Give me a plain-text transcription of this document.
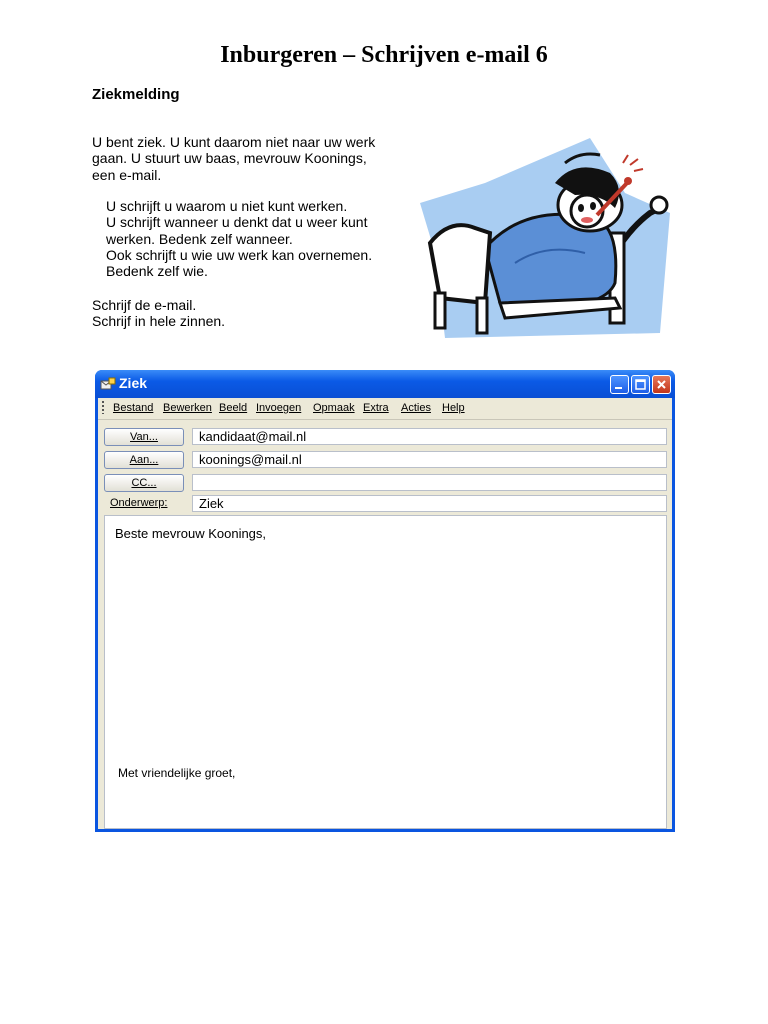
Inburgeren – Schrijven e-mail 6
Ziekmelding
U bent ziek. U kunt daarom niet naar uw werk
gaan. U stuurt uw baas, mevrouw Koonings,
een e-mail.
U schrijft u waarom u niet kunt werken.
U schrijft wanneer u denkt dat u weer kunt
werken. Bedenk zelf wanneer.
Ook schrijft u wie uw werk kan overnemen.
Bedenk zelf wie.
Schrijf de e-mail.
Schrijf in hele zinnen.
Ziek
Bestand Bewerken Beeld Invoegen Opmaak Extra Acties Help
Van...	kandidaat@mail.nl
Aan...	koonings@mail.nl
CC...
Onderwerp:	Ziek
Beste mevrouw Koonings,
Met vriendelijke groet,
